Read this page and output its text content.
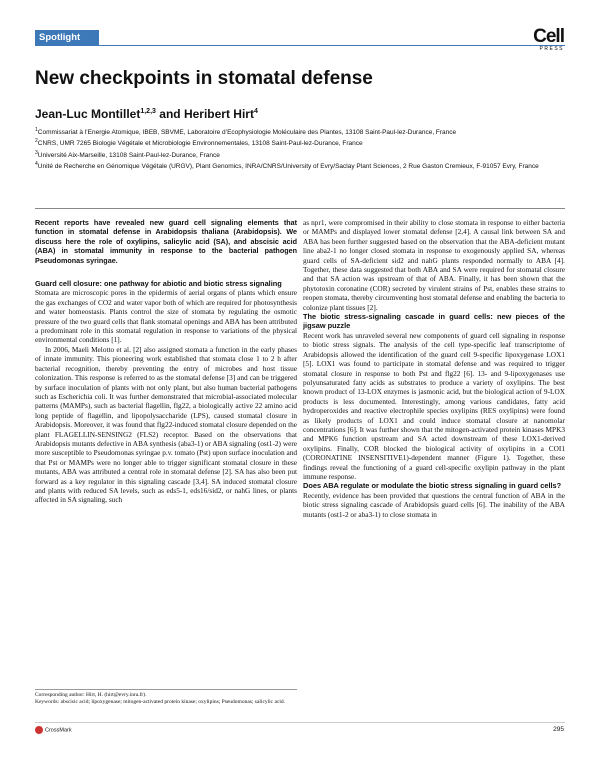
Spotlight	Cell
PRESS
New checkpoints in stomatal defense
Jean-Luc Montillet$^{1,2,3}$ and Heribert Hirt$^4$
$^1$Commissariat à l’Energie Atomique, IBEB, SBVME, Laboratoire d’Ecophysiologie Moléculaire des Plantes, 13108 Saint-Paul-lez-Durance, France
$^2$CNRS, UMR 7265 Biologie Végétale et Microbiologie Environnementales, 13108 Saint-Paul-lez-Durance, France
$^3$Université Aix-Marseille, 13108 Saint-Paul-lez-Durance, France
$^4$Unité de Recherche en Génomique Végétale (URGV), Plant Genomics, INRA/CNRS/University of Evry/Saclay Plant Sciences, 2 Rue Gaston Cremieux, F-91057 Evry, France

Recent reports have revealed new guard cell signaling elements that function in stomatal defense in Arabidopsis thaliana (Arabidopsis). We discuss here the role of oxylipins, salicylic acid (SA), and abscisic acid (ABA) in stomatal immunity in response to the bacterial pathogen Pseudomonas syringae.

Guard cell closure: one pathway for abiotic and biotic stress signaling

Stomata are microscopic pores in the epidermis of aerial organs of plants which ensure the gas exchanges of CO2 and water vapor both of which are required for photosynthesis and water homeostasis. Plants control the size of stomata by regulating the osmotic pressure of the two guard cells that flank stomatal openings and ABA has been attributed a predominant role in this stomatal regulation in response to variations of the physical environmental conditions [1].

In 2006, Maeli Melotto et al. [2] also assigned stomata a function in the early phases of innate immunity. This pioneering work established that stomata close 1 to 2 h after bacterial recognition, thereby preventing the entry of microbes and host tissue colonization. This response is referred to as the stomatal defense [3] and can be triggered by surface inoculation of plants with not only plant, but also human bacterial pathogens such as Escherichia coli. It was further demonstrated that microbial-associated molecular patterns (MAMPs), such as bacterial flagellin, flg22, a biologically active 22 amino acid long peptide of flagellin, and lipopolysaccharide (LPS), caused stomatal closure in Arabidopsis. Moreover, it was found that flg22-induced stomatal closure depended on the plant FLAGELLIN-SENSING2 (FLS2) receptor. Based on the observations that Arabidopsis mutants defective in ABA synthesis (aba3-1) or ABA signaling (ost1-2) were more susceptible to Pseudomonas syringae p.v. tomato (Pst) upon surface inoculation and that Pst or MAMPs were no longer able to trigger significant stomatal closure in these mutants, ABA was attributed a central role in stomatal defense [2]. SA has also been put forward as a key regulator in this signaling cascade [3,4]. SA induced stomatal closure and plants with reduced SA levels, such as eds5-1, eds16/sid2, or nahG lines, or plants affected in SA signaling, such

as npr1, were compromised in their ability to close stomata in response to either bacteria or MAMPs and displayed lower stomatal defense [2,4]. A causal link between SA and ABA has been further suggested based on the observation that the ABA-deficient mutant line aba2-1 no longer closed stomata in response to exogenously applied SA, whereas guard cells of SA-deficient sid2 and nahG plants responded normally to ABA [4]. Together, these data suggested that both ABA and SA were required for stomatal closure and that SA action was upstream of that of ABA. Finally, it has been shown that the phytotoxin coronatine (COR) secreted by virulent strains of Pst, enables these strains to reopen stomata, thereby circumventing host stomatal defense and enabling the bacteria to colonize plant tissues [2].

The biotic stress-signaling cascade in guard cells: new pieces of the jigsaw puzzle

Recent work has unraveled several new components of guard cell signaling in response to biotic stress signals. The analysis of the cell type-specific leaf transcriptome of Arabidopsis allowed the identification of the guard cell 9-specific lipoxygenase LOX1 [5]. LOX1 was found to participate in stomatal defense and was required to trigger stomatal closure in response to both Pst and flg22 [6]. 13- and 9-lipoxygenases use polyunsaturated fatty acids as substrates to produce a variety of oxylipins. The best known product of 13-LOX enzymes is jasmonic acid, but the biological action of 9-LOX products is less documented. Interestingly, among various candidates, fatty acid hydroperoxides and reactive electrophile species oxylipins (RES oxylipins) were found as likely products of LOX1 and could induce stomatal closure at nanomolar concentrations [6]. It was further shown that the mitogen-activated protein kinases MPK3 and MPK6 function upstream and SA acted downstream of these LOX1-derived oxylipins. Finally, COR blocked the biological activity of oxylipins in a COI1 (CORONATINE INSENSITIVE1)-dependent manner (Figure 1). Together, these findings reveal the functioning of a guard cell-specific oxylipin pathway in the plant immune response.

Does ABA regulate or modulate the biotic stress signaling in guard cells?

Recently, evidence has been provided that questions the central function of ABA in the biotic stress signaling cascade of Arabidopsis guard cells [6]. The inability of the ABA mutants (ost1-2 or aba3-1) to close stomata in

Corresponding author: Hirt, H. (hirt@evry.inra.fr).
Keywords: abscisic acid; lipoxygenase; mitogen-activated protein kinase; oxylipins; Pseudomonas; salicylic acid.
CrossMark	295
